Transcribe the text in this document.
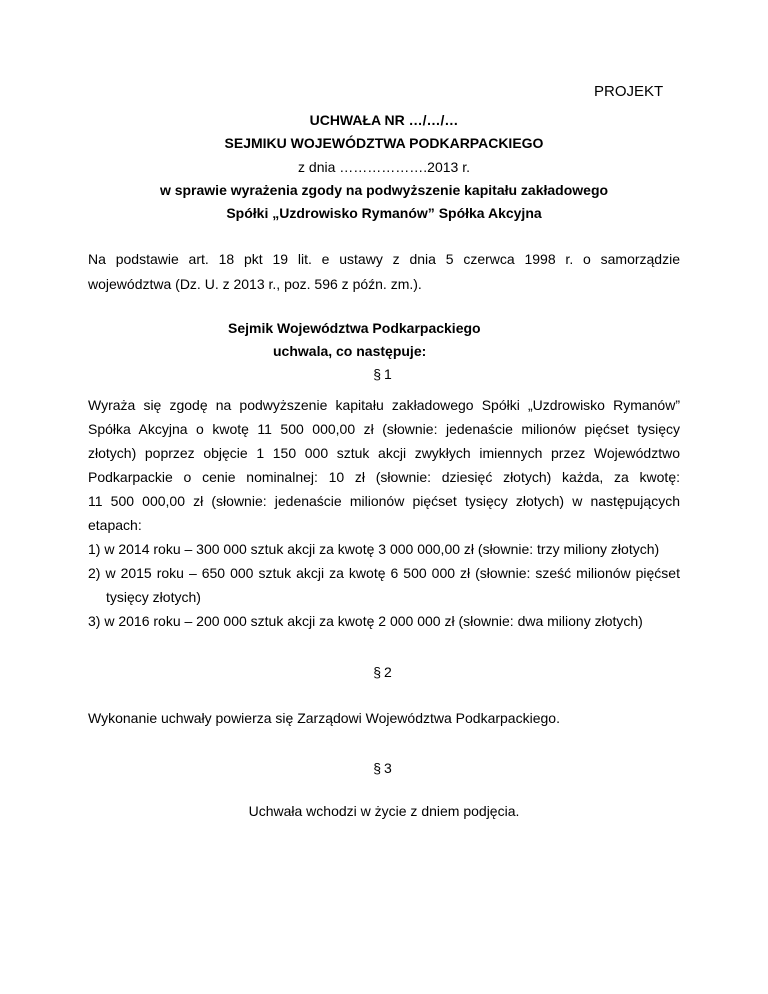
PROJEKT
UCHWAŁA NR …/…/…
SEJMIKU WOJEWÓDZTWA PODKARPACKIEGO
z dnia ……………….2013 r.
w sprawie wyrażenia zgody na podwyższenie kapitału zakładowego
Spółki „Uzdrowisko Rymanów” Spółka Akcyjna
Na podstawie art. 18 pkt 19 lit. e ustawy z dnia 5 czerwca 1998 r. o samorządzie
województwa (Dz. U. z 2013 r., poz. 596 z późn. zm.).
Sejmik Województwa Podkarpackiego
uchwala, co następuje:
§1
Wyraża się zgodę na podwyższenie kapitału zakładowego Spółki „Uzdrowisko Rymanów”
Spółka Akcyjna o kwotę 11 500 000,00 zł (słownie: jedenaście milionów pięćset tysięcy
złotych) poprzez objęcie 1 150 000 sztuk akcji zwykłych imiennych przez Województwo
Podkarpackie o cenie nominalnej: 10 zł (słownie: dziesięć złotych) każda, za kwotę:
11 500 000,00 zł (słownie: jedenaście milionów pięćset tysięcy złotych) w następujących
etapach:
1) w 2014 roku – 300 000 sztuk akcji za kwotę 3 000 000,00 zł (słownie: trzy miliony złotych)
2) w 2015 roku – 650 000 sztuk akcji za kwotę 6 500 000 zł (słownie: sześć milionów pięćset
tysięcy złotych)
3) w 2016 roku – 200 000 sztuk akcji za kwotę 2 000 000 zł (słownie: dwa miliony złotych)
§2
Wykonanie uchwały powierza się Zarządowi Województwa Podkarpackiego.
§3
Uchwała wchodzi w życie z dniem podjęcia.
